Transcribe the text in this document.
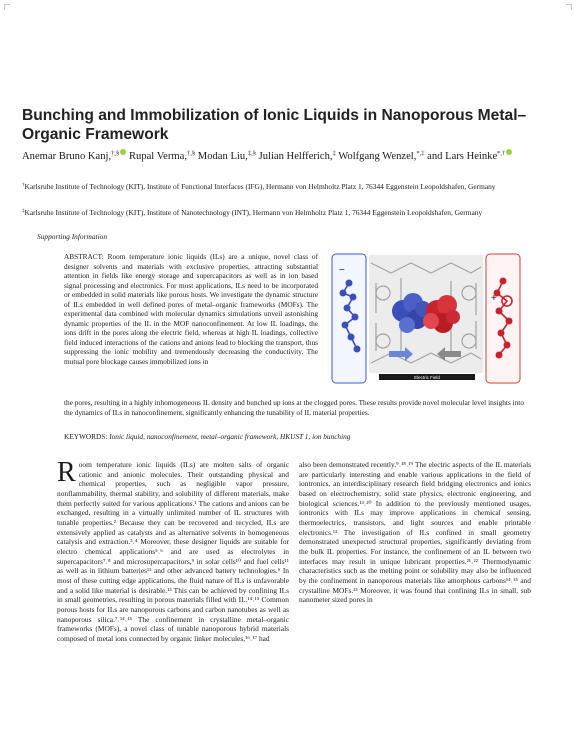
Bunching and Immobilization of Ionic Liquids in Nanoporous Metal–Organic Framework
Anemar Bruno Kanj,†,§ Rupal Verma,†,§ Modan Liu,‡,§ Julian Helfferich,‡ Wolfgang Wenzel,*,‡ and Lars Heinke*,†
†Karlsruhe Institute of Technology (KIT), Institute of Functional Interfaces (IFG), Hermann von Helmholtz Platz 1, 76344 Eggenstein Leopoldshafen, Germany
‡Karlsruhe Institute of Technology (KIT), Institute of Nanotechnology (INT), Hermann von Helmholtz Platz 1, 76344 Eggenstein Leopoldshafen, Germany
Supporting Information
ABSTRACT: Room temperature ionic liquids (ILs) are a unique, novel class of designer solvents and materials with exclusive properties, attracting substantial attention in fields like energy storage and supercapacitors as well as in ion based signal processing and electronics. For most applications, ILs need to be incorporated or embedded in solid materials like porous hosts. We investigate the dynamic structure of ILs embedded in well defined pores of metal–organic frameworks (MOFs). The experimental data combined with molecular dynamics simulations unveil astonishing dynamic properties of the IL in the MOF nanoconfinement. At low IL loadings, the ions drift in the pores along the electric field, whereas at high IL loadings, collective field induced interactions of the cations and anions lead to blocking the transport, thus suppressing the ionic mobility and tremendously decreasing the conductivity. The mutual pore blockage causes immobilized ions in
Electric Field
−
+
the pores, resulting in a highly inhomogeneous IL density and bunched up ions at the clogged pores. These results provide novel molecular level insights into the dynamics of ILs in nanoconfinement, significantly enhancing the tunability of IL material properties.
KEYWORDS: Ionic liquid, nanoconfinement, metal–organic framework, HKUST 1, ion bunching
R oom temperature ionic liquids (ILs) are molten salts of organic cationic and anionic molecules. Their outstanding physical and chemical properties, such as negligible vapor pressure, nonflammability, thermal stability, and solubility of different materials, make them perfectly suited for various applications.¹ The cations and anions can be exchanged, resulting in a virtually unlimited number of IL structures with tunable properties.² Because they can be recovered and recycled, ILs are extensively applied as catalysts and as alternative solvents in homogeneous catalysis and extraction.³˒⁴ Moreover, these designer liquids are suitable for electro chemical applications⁵˒⁶ and are used as electrolytes in supercapacitors⁷˒⁸ and microsupercapacitors,⁹ in solar cells¹⁰ and fuel cells¹¹ as well as in lithium batteries¹² and other advanced battery technologies.⁶ In most of these cutting edge applications, the fluid nature of ILs is unfavorable and a solid like material is desirable.¹³ This can be achieved by confining ILs in small geometries, resulting in porous materials filled with IL.¹⁴˒¹⁵ Common porous hosts for ILs are nanoporous carbons and carbon nanotubes as well as nanoporous silica.⁷˒¹⁴˒¹⁵ The confinement in crystalline metal–organic frameworks (MOFs), a novel class of tunable nanoporous hybrid materials composed of metal ions connected by organic linker molecules,¹⁶˒¹⁷ had

also been demonstrated recently.⁹˒¹⁸˒¹⁹ The electric aspects of the IL materials are particularly interesting and enable various applications in the field of iontronics, an interdisciplinary research field bridging electronics and ionics based on electrochemistry, solid state physics, electronic engineering, and biological sciences.¹³˒²⁰ In addition to the previously mentioned usages, iontronics with ILs may improve applications in chemical sensing, thermoelectrics, transistors, and light sources and enable printable electronics.¹³ The investigation of ILs confined in small geometry demonstrated unexpected structural properties, significantly deviating from the bulk IL properties. For instance, the confinement of an IL between two interfaces may result in unique lubricant properties.²¹˒²² Thermodynamic characteristics such as the melting point or solubility may also be influenced by the confinement in nanoporous materials like amorphous carbons¹⁴˒¹⁵ and crystalline MOFs.²³ Moreover, it was found that confining ILs in small, sub nanometer sized pores in
